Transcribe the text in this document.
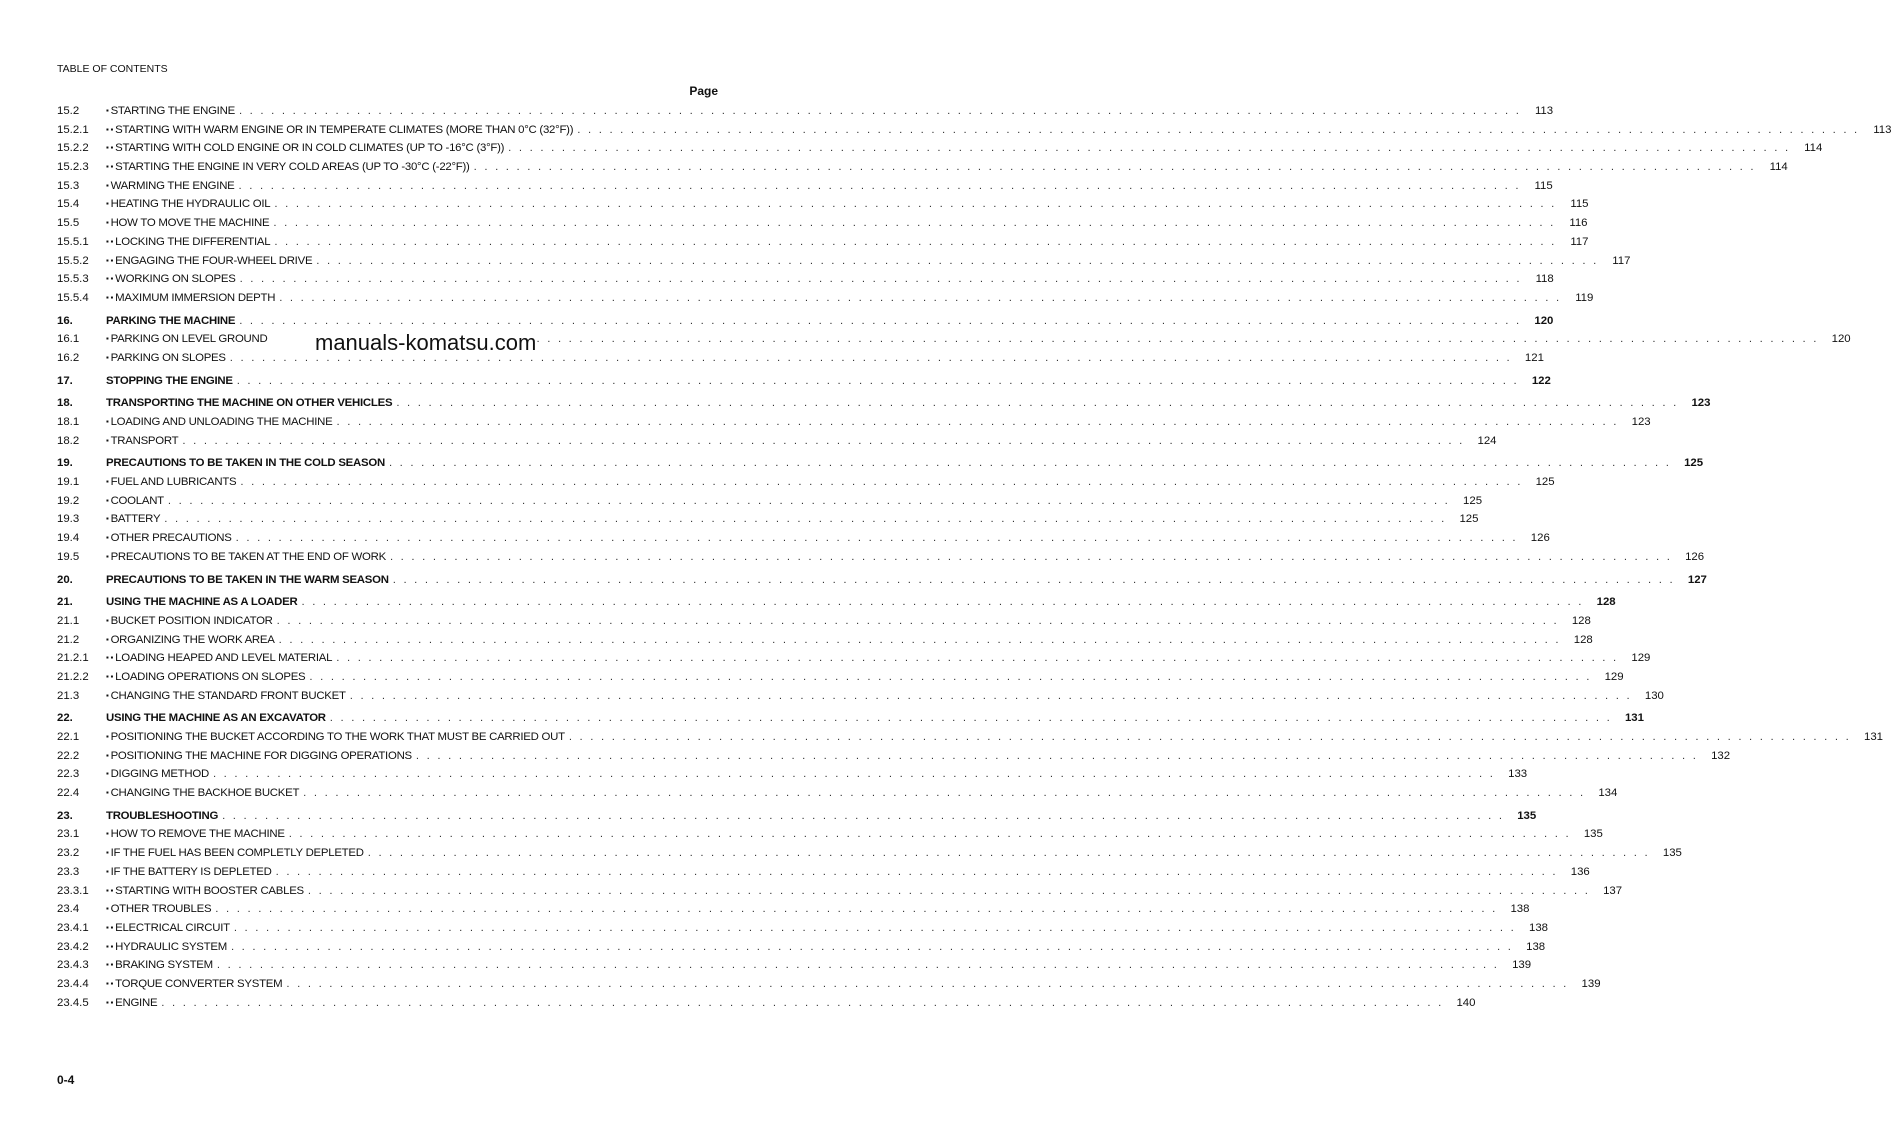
TABLE OF CONTENTS
Page
15.2	▪ STARTING THE ENGINE . . . . . . . . . . . . . . . . . . . . . . . . . . . . . . . . . . . . . . . . . . . . . . . . . . . . . . . . . . . . . . . . . . . . . . . . . . . . . . . . . . . . . . . . . . . . . . . . . . . . . . . . . . . . . . . . . . . . . . . .	113
15.2.1	▪ ▪ STARTING WITH WARM ENGINE OR IN TEMPERATE CLIMATES (MORE THAN 0°C (32°F)) . . . . . . . . . . . . . . . . . . . . . . . . . . . . . . . . . . . . . . . . . . . . . . . . . . . . . . . . . . . . . . . . . . . . . . . . . . . . . . . . . . . . . . . . . . . . . . . . . . . . . . . . . . . . . . . . . . . . . . . .	113
15.2.2	▪ ▪ STARTING WITH COLD ENGINE OR IN COLD CLIMATES (UP TO -16°C (3°F)) . . . . . . . . . . . . . . . . . . . . . . . . . . . . . . . . . . . . . . . . . . . . . . . . . . . . . . . . . . . . . . . . . . . . . . . . . . . . . . . . . . . . . . . . . . . . . . . . . . . . . . . . . . . . . . . . . . . . . . . .	114
15.2.3	▪ ▪ STARTING THE ENGINE IN VERY COLD AREAS (UP TO -30°C (-22°F)) . . . . . . . . . . . . . . . . . . . . . . . . . . . . . . . . . . . . . . . . . . . . . . . . . . . . . . . . . . . . . . . . . . . . . . . . . . . . . . . . . . . . . . . . . . . . . . . . . . . . . . . . . . . . . . . . . . . . . . . .	114
15.3	▪ WARMING THE ENGINE . . . . . . . . . . . . . . . . . . . . . . . . . . . . . . . . . . . . . . . . . . . . . . . . . . . . . . . . . . . . . . . . . . . . . . . . . . . . . . . . . . . . . . . . . . . . . . . . . . . . . . . . . . . . . . . . . . . . . . . .	115
15.4	▪ HEATING THE HYDRAULIC OIL . . . . . . . . . . . . . . . . . . . . . . . . . . . . . . . . . . . . . . . . . . . . . . . . . . . . . . . . . . . . . . . . . . . . . . . . . . . . . . . . . . . . . . . . . . . . . . . . . . . . . . . . . . . . . . . . . . . . . . . .	115
15.5	▪ HOW TO MOVE THE MACHINE . . . . . . . . . . . . . . . . . . . . . . . . . . . . . . . . . . . . . . . . . . . . . . . . . . . . . . . . . . . . . . . . . . . . . . . . . . . . . . . . . . . . . . . . . . . . . . . . . . . . . . . . . . . . . . . . . . . . . . . .	116
15.5.1	▪ ▪ LOCKING THE DIFFERENTIAL . . . . . . . . . . . . . . . . . . . . . . . . . . . . . . . . . . . . . . . . . . . . . . . . . . . . . . . . . . . . . . . . . . . . . . . . . . . . . . . . . . . . . . . . . . . . . . . . . . . . . . . . . . . . . . . . . . . . . . . .	117
15.5.2	▪ ▪ ENGAGING THE FOUR-WHEEL DRIVE . . . . . . . . . . . . . . . . . . . . . . . . . . . . . . . . . . . . . . . . . . . . . . . . . . . . . . . . . . . . . . . . . . . . . . . . . . . . . . . . . . . . . . . . . . . . . . . . . . . . . . . . . . . . . . . . . . . . . . . .	117
15.5.3	▪ ▪ WORKING ON SLOPES . . . . . . . . . . . . . . . . . . . . . . . . . . . . . . . . . . . . . . . . . . . . . . . . . . . . . . . . . . . . . . . . . . . . . . . . . . . . . . . . . . . . . . . . . . . . . . . . . . . . . . . . . . . . . . . . . . . . . . . .	118
15.5.4	▪ ▪ MAXIMUM IMMERSION DEPTH . . . . . . . . . . . . . . . . . . . . . . . . . . . . . . . . . . . . . . . . . . . . . . . . . . . . . . . . . . . . . . . . . . . . . . . . . . . . . . . . . . . . . . . . . . . . . . . . . . . . . . . . . . . . . . . . . . . . . . . .	119
16.	PARKING THE MACHINE . . . . . . . . . . . . . . . . . . . . . . . . . . . . . . . . . . . . . . . . . . . . . . . . . . . . . . . . . . . . . . . . . . . . . . . . . . . . . . . . . . . . . . . . . . . . . . . . . . . . . . . . . . . . . . . . . . . . . . . .	120
16.1	▪ PARKING ON LEVEL GROUND	. . . . . . . . . . . . . . . . . . . . . . . . . . . . . . . . . . . . . . . . . . . . . . . . . . . . . . . . . . . . . . . . . . . . . . . . . . . . . . . . . . . . . . . . . . . . . . . . . . . . . . . . . . . . . . . . . . . . . . . .	120
16.2	▪ PARKING ON SLOPES . . . . . . . . . . . . . . . . . . . . . . . . . . . . . . . . . . . . . . . . . . . . . . . . . . . . . . . . . . . . . . . . . . . . . . . . . . . . . . . . . . . . . . . . . . . . . . . . . . . . . . . . . . . . . . . . . . . . . . . .	121
17.	STOPPING THE ENGINE . . . . . . . . . . . . . . . . . . . . . . . . . . . . . . . . . . . . . . . . . . . . . . . . . . . . . . . . . . . . . . . . . . . . . . . . . . . . . . . . . . . . . . . . . . . . . . . . . . . . . . . . . . . . . . . . . . . . . . . .	122
18.	TRANSPORTING THE MACHINE ON OTHER VEHICLES . . . . . . . . . . . . . . . . . . . . . . . . . . . . . . . . . . . . . . . . . . . . . . . . . . . . . . . . . . . . . . . . . . . . . . . . . . . . . . . . . . . . . . . . . . . . . . . . . . . . . . . . . . . . . . . . . . . . . . . .	123
18.1	▪ LOADING AND UNLOADING THE MACHINE . . . . . . . . . . . . . . . . . . . . . . . . . . . . . . . . . . . . . . . . . . . . . . . . . . . . . . . . . . . . . . . . . . . . . . . . . . . . . . . . . . . . . . . . . . . . . . . . . . . . . . . . . . . . . . . . . . . . . . . .	123
18.2	▪ TRANSPORT . . . . . . . . . . . . . . . . . . . . . . . . . . . . . . . . . . . . . . . . . . . . . . . . . . . . . . . . . . . . . . . . . . . . . . . . . . . . . . . . . . . . . . . . . . . . . . . . . . . . . . . . . . . . . . . . . . . . . . . .	124
19.	PRECAUTIONS TO BE TAKEN IN THE COLD SEASON . . . . . . . . . . . . . . . . . . . . . . . . . . . . . . . . . . . . . . . . . . . . . . . . . . . . . . . . . . . . . . . . . . . . . . . . . . . . . . . . . . . . . . . . . . . . . . . . . . . . . . . . . . . . . . . . . . . . . . . .	125
19.1	▪ FUEL AND LUBRICANTS . . . . . . . . . . . . . . . . . . . . . . . . . . . . . . . . . . . . . . . . . . . . . . . . . . . . . . . . . . . . . . . . . . . . . . . . . . . . . . . . . . . . . . . . . . . . . . . . . . . . . . . . . . . . . . . . . . . . . . . .	125
19.2	▪ COOLANT . . . . . . . . . . . . . . . . . . . . . . . . . . . . . . . . . . . . . . . . . . . . . . . . . . . . . . . . . . . . . . . . . . . . . . . . . . . . . . . . . . . . . . . . . . . . . . . . . . . . . . . . . . . . . . . . . . . . . . . .	125
19.3	▪ BATTERY . . . . . . . . . . . . . . . . . . . . . . . . . . . . . . . . . . . . . . . . . . . . . . . . . . . . . . . . . . . . . . . . . . . . . . . . . . . . . . . . . . . . . . . . . . . . . . . . . . . . . . . . . . . . . . . . . . . . . . . .	125
19.4	▪ OTHER PRECAUTIONS . . . . . . . . . . . . . . . . . . . . . . . . . . . . . . . . . . . . . . . . . . . . . . . . . . . . . . . . . . . . . . . . . . . . . . . . . . . . . . . . . . . . . . . . . . . . . . . . . . . . . . . . . . . . . . . . . . . . . . . .	126
19.5	▪ PRECAUTIONS TO BE TAKEN AT THE END OF WORK . . . . . . . . . . . . . . . . . . . . . . . . . . . . . . . . . . . . . . . . . . . . . . . . . . . . . . . . . . . . . . . . . . . . . . . . . . . . . . . . . . . . . . . . . . . . . . . . . . . . . . . . . . . . . . . . . . . . . . . .	126
20.	PRECAUTIONS TO BE TAKEN IN THE WARM SEASON . . . . . . . . . . . . . . . . . . . . . . . . . . . . . . . . . . . . . . . . . . . . . . . . . . . . . . . . . . . . . . . . . . . . . . . . . . . . . . . . . . . . . . . . . . . . . . . . . . . . . . . . . . . . . . . . . . . . . . . .	127
21.	USING THE MACHINE AS A LOADER . . . . . . . . . . . . . . . . . . . . . . . . . . . . . . . . . . . . . . . . . . . . . . . . . . . . . . . . . . . . . . . . . . . . . . . . . . . . . . . . . . . . . . . . . . . . . . . . . . . . . . . . . . . . . . . . . . . . . . . .	128
21.1	▪ BUCKET POSITION INDICATOR . . . . . . . . . . . . . . . . . . . . . . . . . . . . . . . . . . . . . . . . . . . . . . . . . . . . . . . . . . . . . . . . . . . . . . . . . . . . . . . . . . . . . . . . . . . . . . . . . . . . . . . . . . . . . . . . . . . . . . . .	128
21.2	▪ ORGANIZING THE WORK AREA . . . . . . . . . . . . . . . . . . . . . . . . . . . . . . . . . . . . . . . . . . . . . . . . . . . . . . . . . . . . . . . . . . . . . . . . . . . . . . . . . . . . . . . . . . . . . . . . . . . . . . . . . . . . . . . . . . . . . . . .	128
21.2.1	▪ ▪ LOADING HEAPED AND LEVEL MATERIAL . . . . . . . . . . . . . . . . . . . . . . . . . . . . . . . . . . . . . . . . . . . . . . . . . . . . . . . . . . . . . . . . . . . . . . . . . . . . . . . . . . . . . . . . . . . . . . . . . . . . . . . . . . . . . . . . . . . . . . . .	129
21.2.2	▪ ▪ LOADING OPERATIONS ON SLOPES . . . . . . . . . . . . . . . . . . . . . . . . . . . . . . . . . . . . . . . . . . . . . . . . . . . . . . . . . . . . . . . . . . . . . . . . . . . . . . . . . . . . . . . . . . . . . . . . . . . . . . . . . . . . . . . . . . . . . . . .	129
21.3	▪ CHANGING THE STANDARD FRONT BUCKET . . . . . . . . . . . . . . . . . . . . . . . . . . . . . . . . . . . . . . . . . . . . . . . . . . . . . . . . . . . . . . . . . . . . . . . . . . . . . . . . . . . . . . . . . . . . . . . . . . . . . . . . . . . . . . . . . . . . . . . .	130
22.	USING THE MACHINE AS AN EXCAVATOR . . . . . . . . . . . . . . . . . . . . . . . . . . . . . . . . . . . . . . . . . . . . . . . . . . . . . . . . . . . . . . . . . . . . . . . . . . . . . . . . . . . . . . . . . . . . . . . . . . . . . . . . . . . . . . . . . . . . . . . .	131
22.1	▪ POSITIONING THE BUCKET ACCORDING TO THE WORK THAT MUST BE CARRIED OUT . . . . . . . . . . . . . . . . . . . . . . . . . . . . . . . . . . . . . . . . . . . . . . . . . . . . . . . . . . . . . . . . . . . . . . . . . . . . . . . . . . . . . . . . . . . . . . . . . . . . . . . . . . . . . . . . . . . . . . . .	131
22.2	▪ POSITIONING THE MACHINE FOR DIGGING OPERATIONS . . . . . . . . . . . . . . . . . . . . . . . . . . . . . . . . . . . . . . . . . . . . . . . . . . . . . . . . . . . . . . . . . . . . . . . . . . . . . . . . . . . . . . . . . . . . . . . . . . . . . . . . . . . . . . . . . . . . . . . .	132
22.3	▪ DIGGING METHOD . . . . . . . . . . . . . . . . . . . . . . . . . . . . . . . . . . . . . . . . . . . . . . . . . . . . . . . . . . . . . . . . . . . . . . . . . . . . . . . . . . . . . . . . . . . . . . . . . . . . . . . . . . . . . . . . . . . . . . . .	133
22.4	▪ CHANGING THE BACKHOE BUCKET . . . . . . . . . . . . . . . . . . . . . . . . . . . . . . . . . . . . . . . . . . . . . . . . . . . . . . . . . . . . . . . . . . . . . . . . . . . . . . . . . . . . . . . . . . . . . . . . . . . . . . . . . . . . . . . . . . . . . . . .	134
23.	TROUBLESHOOTING . . . . . . . . . . . . . . . . . . . . . . . . . . . . . . . . . . . . . . . . . . . . . . . . . . . . . . . . . . . . . . . . . . . . . . . . . . . . . . . . . . . . . . . . . . . . . . . . . . . . . . . . . . . . . . . . . . . . . . . .	135
23.1	▪ HOW TO REMOVE THE MACHINE . . . . . . . . . . . . . . . . . . . . . . . . . . . . . . . . . . . . . . . . . . . . . . . . . . . . . . . . . . . . . . . . . . . . . . . . . . . . . . . . . . . . . . . . . . . . . . . . . . . . . . . . . . . . . . . . . . . . . . . .	135
23.2	▪ IF THE FUEL HAS BEEN COMPLETLY DEPLETED . . . . . . . . . . . . . . . . . . . . . . . . . . . . . . . . . . . . . . . . . . . . . . . . . . . . . . . . . . . . . . . . . . . . . . . . . . . . . . . . . . . . . . . . . . . . . . . . . . . . . . . . . . . . . . . . . . . . . . . .	135
23.3	▪ IF THE BATTERY IS DEPLETED . . . . . . . . . . . . . . . . . . . . . . . . . . . . . . . . . . . . . . . . . . . . . . . . . . . . . . . . . . . . . . . . . . . . . . . . . . . . . . . . . . . . . . . . . . . . . . . . . . . . . . . . . . . . . . . . . . . . . . . .	136
23.3.1	▪ ▪ STARTING WITH BOOSTER CABLES . . . . . . . . . . . . . . . . . . . . . . . . . . . . . . . . . . . . . . . . . . . . . . . . . . . . . . . . . . . . . . . . . . . . . . . . . . . . . . . . . . . . . . . . . . . . . . . . . . . . . . . . . . . . . . . . . . . . . . . .	137
23.4	▪ OTHER TROUBLES . . . . . . . . . . . . . . . . . . . . . . . . . . . . . . . . . . . . . . . . . . . . . . . . . . . . . . . . . . . . . . . . . . . . . . . . . . . . . . . . . . . . . . . . . . . . . . . . . . . . . . . . . . . . . . . . . . . . . . . .	138
23.4.1	▪ ▪ ELECTRICAL CIRCUIT . . . . . . . . . . . . . . . . . . . . . . . . . . . . . . . . . . . . . . . . . . . . . . . . . . . . . . . . . . . . . . . . . . . . . . . . . . . . . . . . . . . . . . . . . . . . . . . . . . . . . . . . . . . . . . . . . . . . . . . .	138
23.4.2	▪ ▪ HYDRAULIC SYSTEM . . . . . . . . . . . . . . . . . . . . . . . . . . . . . . . . . . . . . . . . . . . . . . . . . . . . . . . . . . . . . . . . . . . . . . . . . . . . . . . . . . . . . . . . . . . . . . . . . . . . . . . . . . . . . . . . . . . . . . . .	138
23.4.3	▪ ▪ BRAKING SYSTEM . . . . . . . . . . . . . . . . . . . . . . . . . . . . . . . . . . . . . . . . . . . . . . . . . . . . . . . . . . . . . . . . . . . . . . . . . . . . . . . . . . . . . . . . . . . . . . . . . . . . . . . . . . . . . . . . . . . . . . . .	139
23.4.4	▪ ▪ TORQUE CONVERTER SYSTEM . . . . . . . . . . . . . . . . . . . . . . . . . . . . . . . . . . . . . . . . . . . . . . . . . . . . . . . . . . . . . . . . . . . . . . . . . . . . . . . . . . . . . . . . . . . . . . . . . . . . . . . . . . . . . . . . . . . . . . . .	139
23.4.5	▪ ▪ ENGINE . . . . . . . . . . . . . . . . . . . . . . . . . . . . . . . . . . . . . . . . . . . . . . . . . . . . . . . . . . . . . . . . . . . . . . . . . . . . . . . . . . . . . . . . . . . . . . . . . . . . . . . . . . . . . . . . . . . . . . . .	140
manuals-komatsu.com
0-4
